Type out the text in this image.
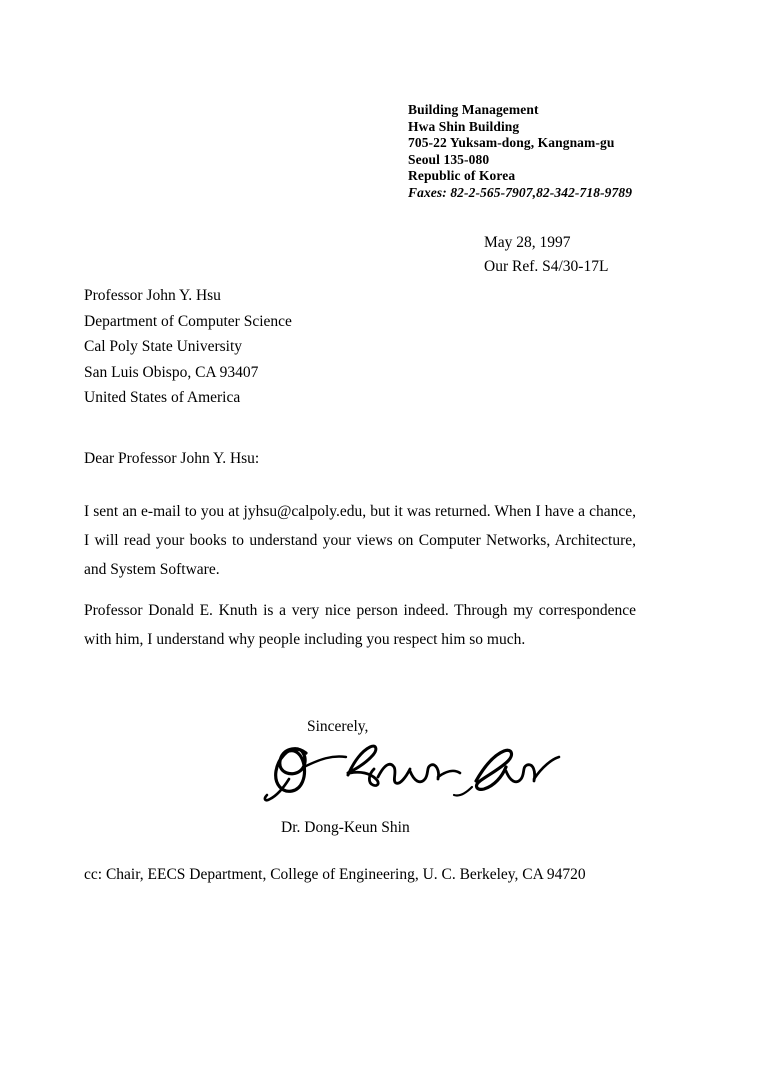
Building Management
Hwa Shin Building
705-22 Yuksam-dong, Kangnam-gu
Seoul 135-080
Republic of Korea
Faxes: 82-2-565-7907,82-342-718-9789
May 28, 1997
Our Ref. S4/30-17L
Professor John Y. Hsu
Department of Computer Science
Cal Poly State University
San Luis Obispo, CA 93407
United States of America
Dear Professor John Y. Hsu:
I sent an e-mail to you at jyhsu@calpoly.edu, but it was returned. When I have a chance, I will read your books to understand your views on Computer Networks, Architecture, and System Software.
Professor Donald E. Knuth is a very nice person indeed. Through my correspondence with him, I understand why people including you respect him so much.
Sincerely,
Dr. Dong-Keun Shin
cc: Chair, EECS Department, College of Engineering, U. C. Berkeley, CA 94720
